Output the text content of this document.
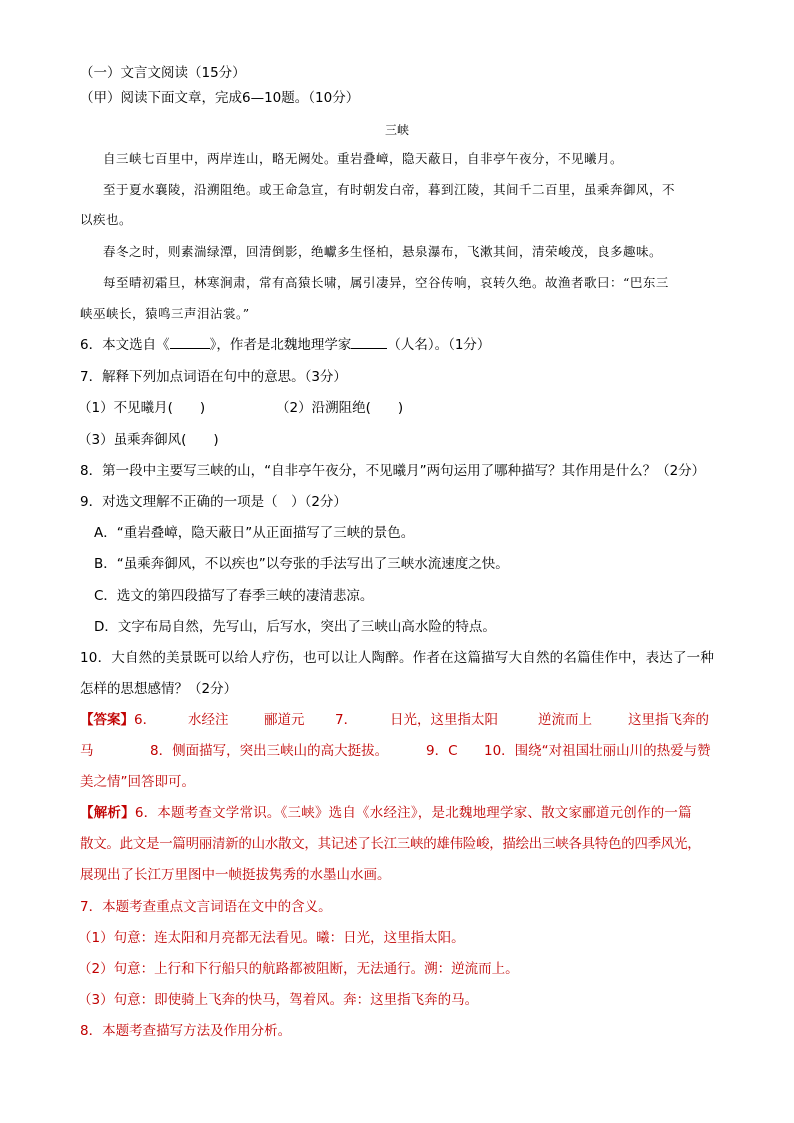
（一）文言文阅读（15分）
（甲）阅读下面文章，完成6—10题。（10分）
三峡
自三峡七百里中，两岸连山，略无阙处。重岩叠嶂，隐天蔽日，自非亭午夜分，不见曦月。
至于夏水襄陵，沿溯阻绝。或王命急宣，有时朝发白帝，暮到江陵，其间千二百里，虽乘奔御风，不
以疾也。
春冬之时，则素湍绿潭，回清倒影，绝巘多生怪柏，悬泉瀑布，飞漱其间，清荣峻茂，良多趣味。
每至晴初霜旦，林寒涧肃，常有高猿长啸，属引凄异，空谷传响，哀转久绝。故渔者歌曰：“巴东三
峡巫峡长，猿鸣三声泪沾裳。”
6．本文选自《	》，作者是北魏地理学家	（人名）。（1分）
7．解释下列加点词语在句中的意思。（3分）
（1）不见曦月(　　)	（2）沿溯阻绝(　　)
（3）虽乘奔御风(　　)
8．第一段中主要写三峡的山，“自非亭午夜分，不见曦月”两句运用了哪种描写？其作用是什么？（2分）
9．对选文理解不正确的一项是（　）（2分）
A．“重岩叠嶂，隐天蔽日”从正面描写了三峡的景色。
B．“虽乘奔御风，不以疾也”以夸张的手法写出了三峡水流速度之快。
C．选文的第四段描写了春季三峡的凄清悲凉。
D．文字布局自然，先写山，后写水，突出了三峡山高水险的特点。
10．大自然的美景既可以给人疗伤，也可以让人陶醉。作者在这篇描写大自然的名篇佳作中，表达了一种
怎样的思想感情？（2分）
【答案】6． 水经注	郦道元 7． 日光，这里指太阳	逆流而上	这里指飞奔的
马	8．侧面描写，突出三峡山的高大挺拔。	9．C 10．围绕“对祖国壮丽山川的热爱与赞
美之情”回答即可。
【解析】6．本题考查文学常识。《三峡》选自《水经注》，是北魏地理学家、散文家郦道元创作的一篇
散文。此文是一篇明丽清新的山水散文，其记述了长江三峡的雄伟险峻，描绘出三峡各具特色的四季风光，
展现出了长江万里图中一帧挺拔隽秀的水墨山水画。
7．本题考查重点文言词语在文中的含义。
（1）句意：连太阳和月亮都无法看见。曦：日光，这里指太阳。
（2）句意：上行和下行船只的航路都被阻断，无法通行。溯：逆流而上。
（3）句意：即使骑上飞奔的快马，驾着风。奔：这里指飞奔的马。
8．本题考查描写方法及作用分析。
